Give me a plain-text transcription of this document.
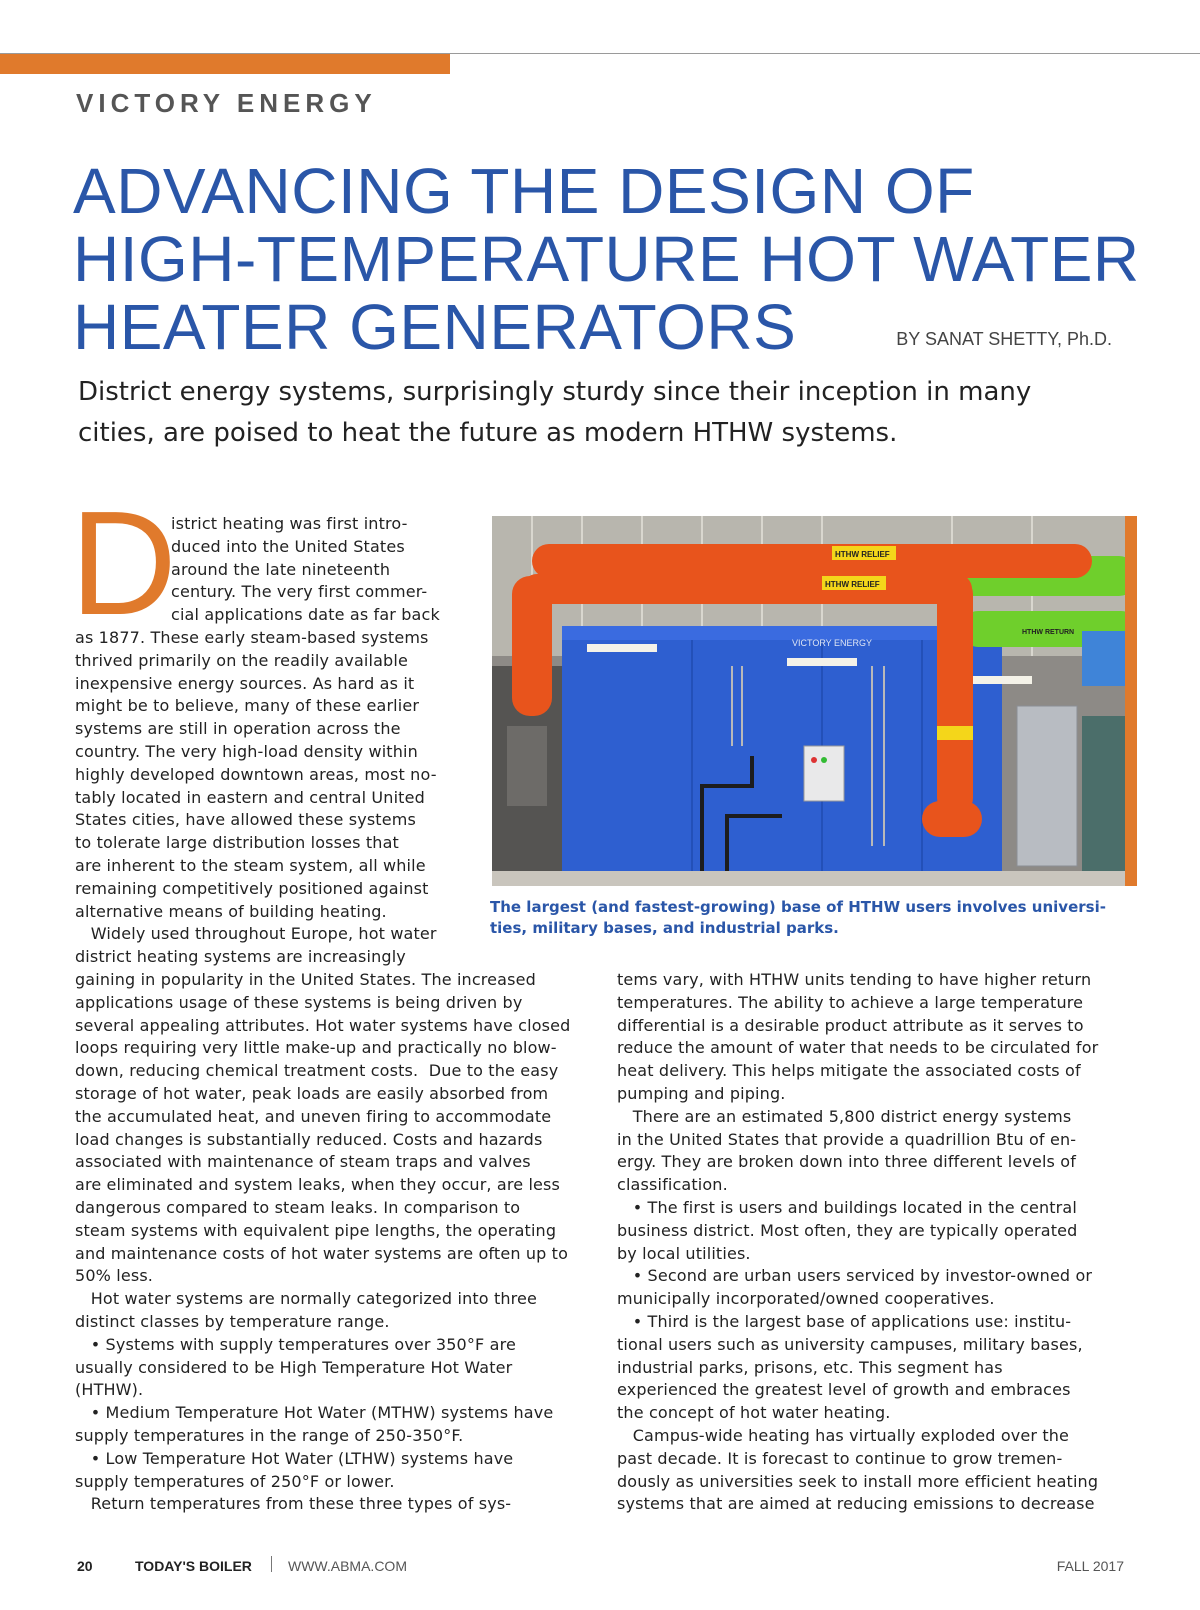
VICTORY ENERGY
ADVANCING THE DESIGN OF
HIGH-TEMPERATURE HOT WATER
HEATER GENERATORS	BY SANAT SHETTY, Ph.D.
District energy systems, surprisingly sturdy since their inception in many
cities, are poised to heat the future as modern HTHW systems.
D
istrict heating was first intro-
duced into the United States
around the late nineteenth
century. The very first commer-
cial applications date as far back
as 1877. These early steam-based systems
thrived primarily on the readily available
inexpensive energy sources. As hard as it
might be to believe, many of these earlier
systems are still in operation across the
country. The very high-load density within
highly developed downtown areas, most no-
tably located in eastern and central United
States cities, have allowed these systems
to tolerate large distribution losses that
are inherent to the steam system, all while
remaining competitively positioned against
alternative means of building heating.
Widely used throughout Europe, hot water
district heating systems are increasingly
gaining in popularity in the United States. The increased
applications usage of these systems is being driven by
several appealing attributes. Hot water systems have closed
loops requiring very little make-up and practically no blow-
down, reducing chemical treatment costs.  Due to the easy
storage of hot water, peak loads are easily absorbed from
the accumulated heat, and uneven firing to accommodate
load changes is substantially reduced. Costs and hazards
associated with maintenance of steam traps and valves
are eliminated and system leaks, when they occur, are less
dangerous compared to steam leaks. In comparison to
steam systems with equivalent pipe lengths, the operating
and maintenance costs of hot water systems are often up to
50% less.
Hot water systems are normally categorized into three
distinct classes by temperature range.
• Systems with supply temperatures over 350°F are
usually considered to be High Temperature Hot Water
(HTHW).
• Medium Temperature Hot Water (MTHW) systems have
supply temperatures in the range of 250-350°F.
• Low Temperature Hot Water (LTHW) systems have
supply temperatures of 250°F or lower.
Return temperatures from these three types of sys-
tems vary, with HTHW units tending to have higher return
temperatures. The ability to achieve a large temperature
differential is a desirable product attribute as it serves to
reduce the amount of water that needs to be circulated for
heat delivery. This helps mitigate the associated costs of
pumping and piping.
There are an estimated 5,800 district energy systems
in the United States that provide a quadrillion Btu of en-
ergy. They are broken down into three different levels of
classification.
• The first is users and buildings located in the central
business district. Most often, they are typically operated
by local utilities.
• Second are urban users serviced by investor-owned or
municipally incorporated/owned cooperatives.
• Third is the largest base of applications use: institu-
tional users such as university campuses, military bases,
industrial parks, prisons, etc. This segment has
experienced the greatest level of growth and embraces
the concept of hot water heating.
Campus-wide heating has virtually exploded over the
past decade. It is forecast to continue to grow tremen-
dously as universities seek to install more efficient heating
systems that are aimed at reducing emissions to decrease
VICTORY ENERGY
HTHW RETURN
HTHW RELIEF
HTHW RELIEF
The largest (and fastest-growing) base of HTHW users involves universi-
ties, military bases, and industrial parks.
20	TODAY'S BOILER	WWW.ABMA.COM	FALL 2017
